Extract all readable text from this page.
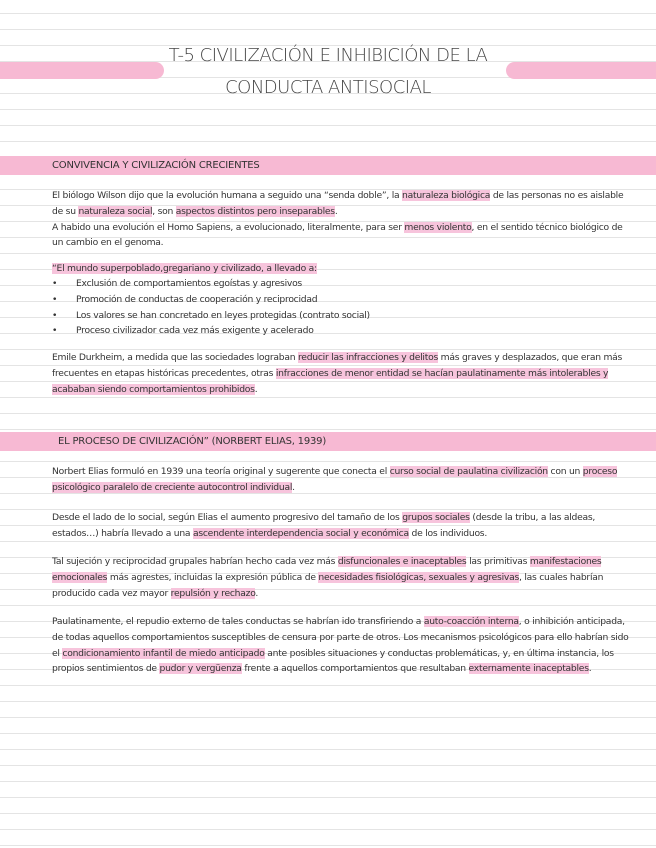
T-5 CIVILIZACIÓN E INHIBICIÓN DE LA
CONDUCTA ANTISOCIAL
CONVIVENCIA Y CIVILIZACIÓN CRECIENTES

El biólogo Wilson dijo que la evolución humana a seguido una “senda doble”, la naturaleza biológica de las personas no es aislable de su naturaleza social, son aspectos distintos pero inseparables.

A habido una evolución el Homo Sapiens, a evolucionado, literalmente, para ser menos violento, en el sentido técnico biológico de un cambio en el genoma.

“El mundo superpoblado,gregariano y civilizado, a llevado a:

• Exclusión de comportamientos egoístas y agresivos
• Promoción de conductas de cooperación y reciprocidad
• Los valores se han concretado en leyes protegidas (contrato social)
• Proceso civilizador cada vez más exigente y acelerado

Emile Durkheim, a medida que las sociedades lograban reducir las infracciones y delitos más graves y desplazados, que eran más frecuentes en etapas históricas precedentes, otras infracciones de menor entidad se hacían paulatinamente más intolerables y acababan siendo comportamientos prohibidos.

EL PROCESO DE CIVILIZACIÓN” (NORBERT ELIAS, 1939)

Norbert Elias formuló en 1939 una teoría original y sugerente que conecta el curso social de paulatina civilización con un proceso psicológico paralelo de creciente autocontrol individual.

Desde el lado de lo social, según Elias el aumento progresivo del tamaño de los grupos sociales (desde la tribu, a las aldeas, estados…) habría llevado a una ascendente interdependencia social y económica de los individuos.

Tal sujeción y reciprocidad grupales habrían hecho cada vez más disfuncionales e inaceptables las primitivas manifestaciones emocionales más agrestes, incluidas la expresión pública de necesidades fisiológicas, sexuales y agresivas, las cuales habrían producido cada vez mayor repulsión y rechazo.

Paulatinamente, el repudio externo de tales conductas se habrían ido transfiriendo a auto-coacción interna, o inhibición anticipada, de todas aquellos comportamientos susceptibles de censura por parte de otros. Los mecanismos psicológicos para ello habrían sido el condicionamiento infantil de miedo anticipado ante posibles situaciones y conductas problemáticas, y, en última instancia, los propios sentimientos de pudor y vergüenza frente a aquellos comportamientos que resultaban externamente inaceptables.
